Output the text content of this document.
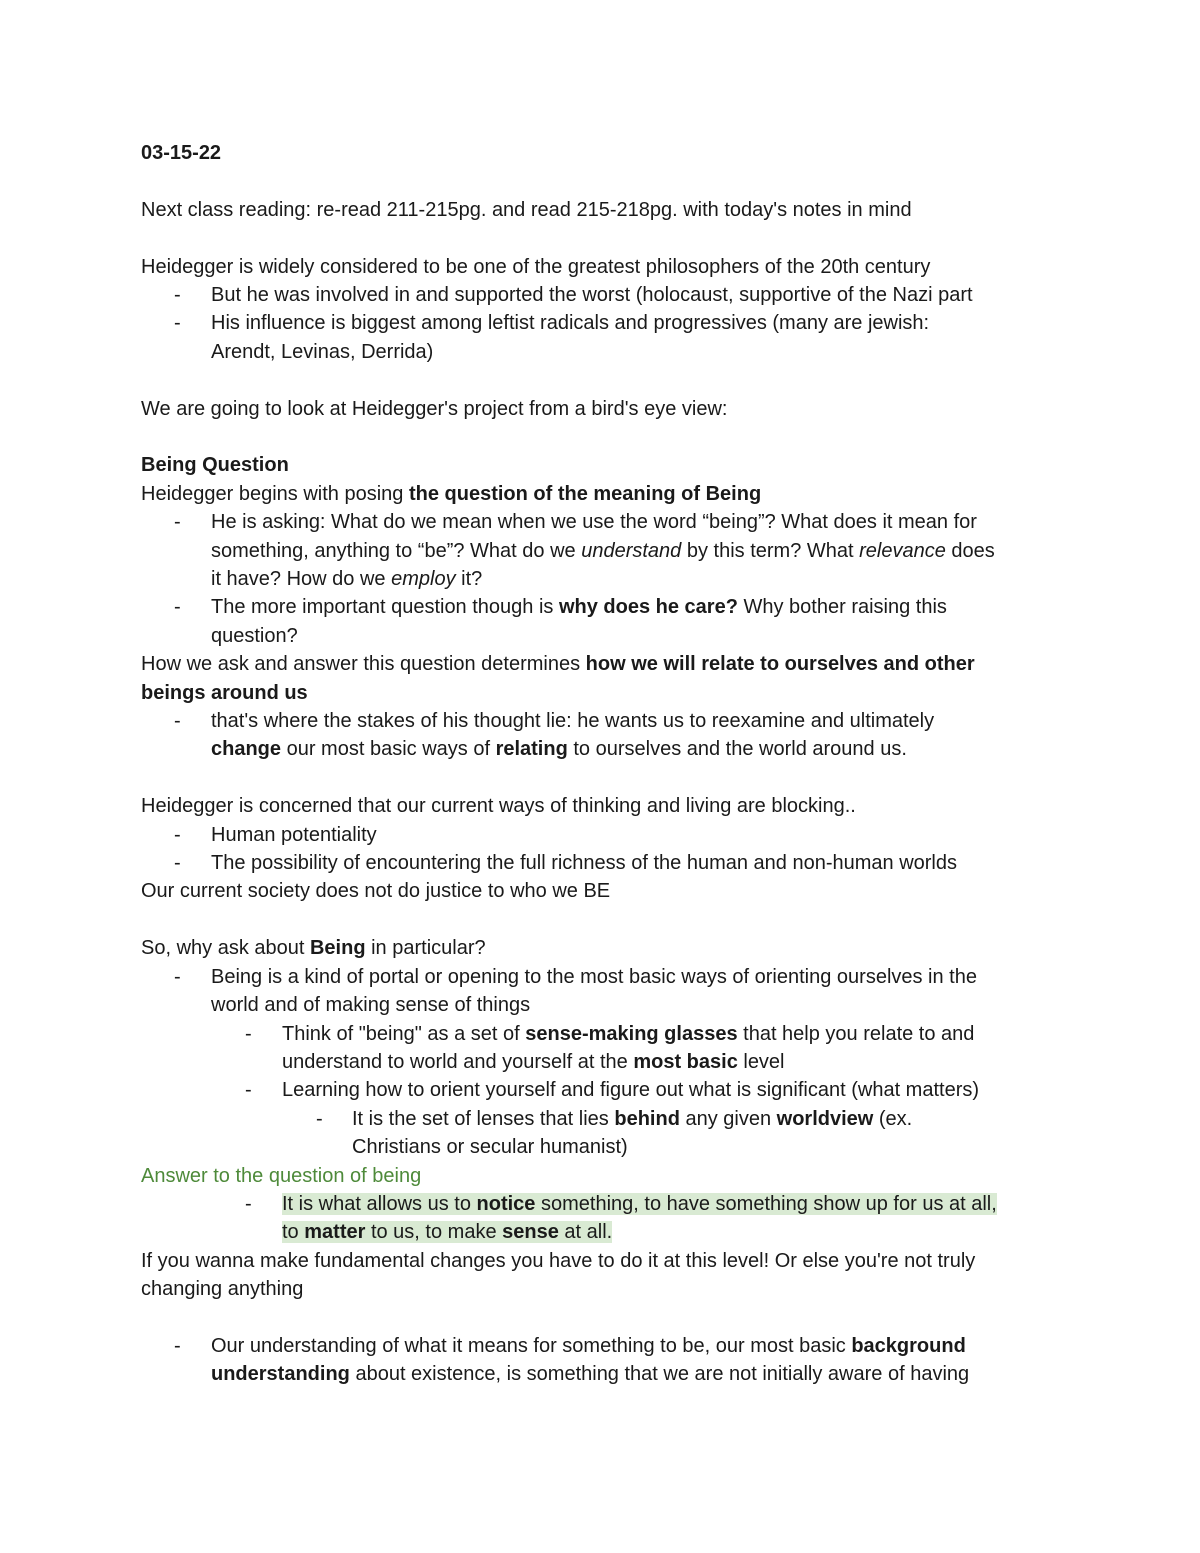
03-15-22
Next class reading: re-read 211-215pg. and read 215-218pg. with today's notes in mind
Heidegger is widely considered to be one of the greatest philosophers of the 20th century
- But he was involved in and supported the worst (holocaust, supportive of the Nazi part
- His influence is biggest among leftist radicals and progressives (many are jewish:
Arendt, Levinas, Derrida)
We are going to look at Heidegger's project from a bird's eye view:
Being Question
Heidegger begins with posing the question of the meaning of Being
- He is asking: What do we mean when we use the word “being”? What does it mean for
something, anything to “be”? What do we understand by this term? What relevance does
it have? How do we employ it?
- The more important question though is why does he care? Why bother raising this
question?
How we ask and answer this question determines how we will relate to ourselves and other
beings around us
- that's where the stakes of his thought lie: he wants us to reexamine and ultimately
change our most basic ways of relating to ourselves and the world around us.
Heidegger is concerned that our current ways of thinking and living are blocking..
- Human potentiality
- The possibility of encountering the full richness of the human and non-human worlds
Our current society does not do justice to who we BE
So, why ask about Being in particular?
- Being is a kind of portal or opening to the most basic ways of orienting ourselves in the
world and of making sense of things
- Think of "being" as a set of sense-making glasses that help you relate to and
understand to world and yourself at the most basic level
- Learning how to orient yourself and figure out what is significant (what matters)
- It is the set of lenses that lies behind any given worldview (ex.
Christians or secular humanist)
Answer to the question of being
- It is what allows us to notice something, to have something show up for us at all,
to matter to us, to make sense at all.
If you wanna make fundamental changes you have to do it at this level! Or else you're not truly
changing anything
- Our understanding of what it means for something to be, our most basic background
understanding about existence, is something that we are not initially aware of having
